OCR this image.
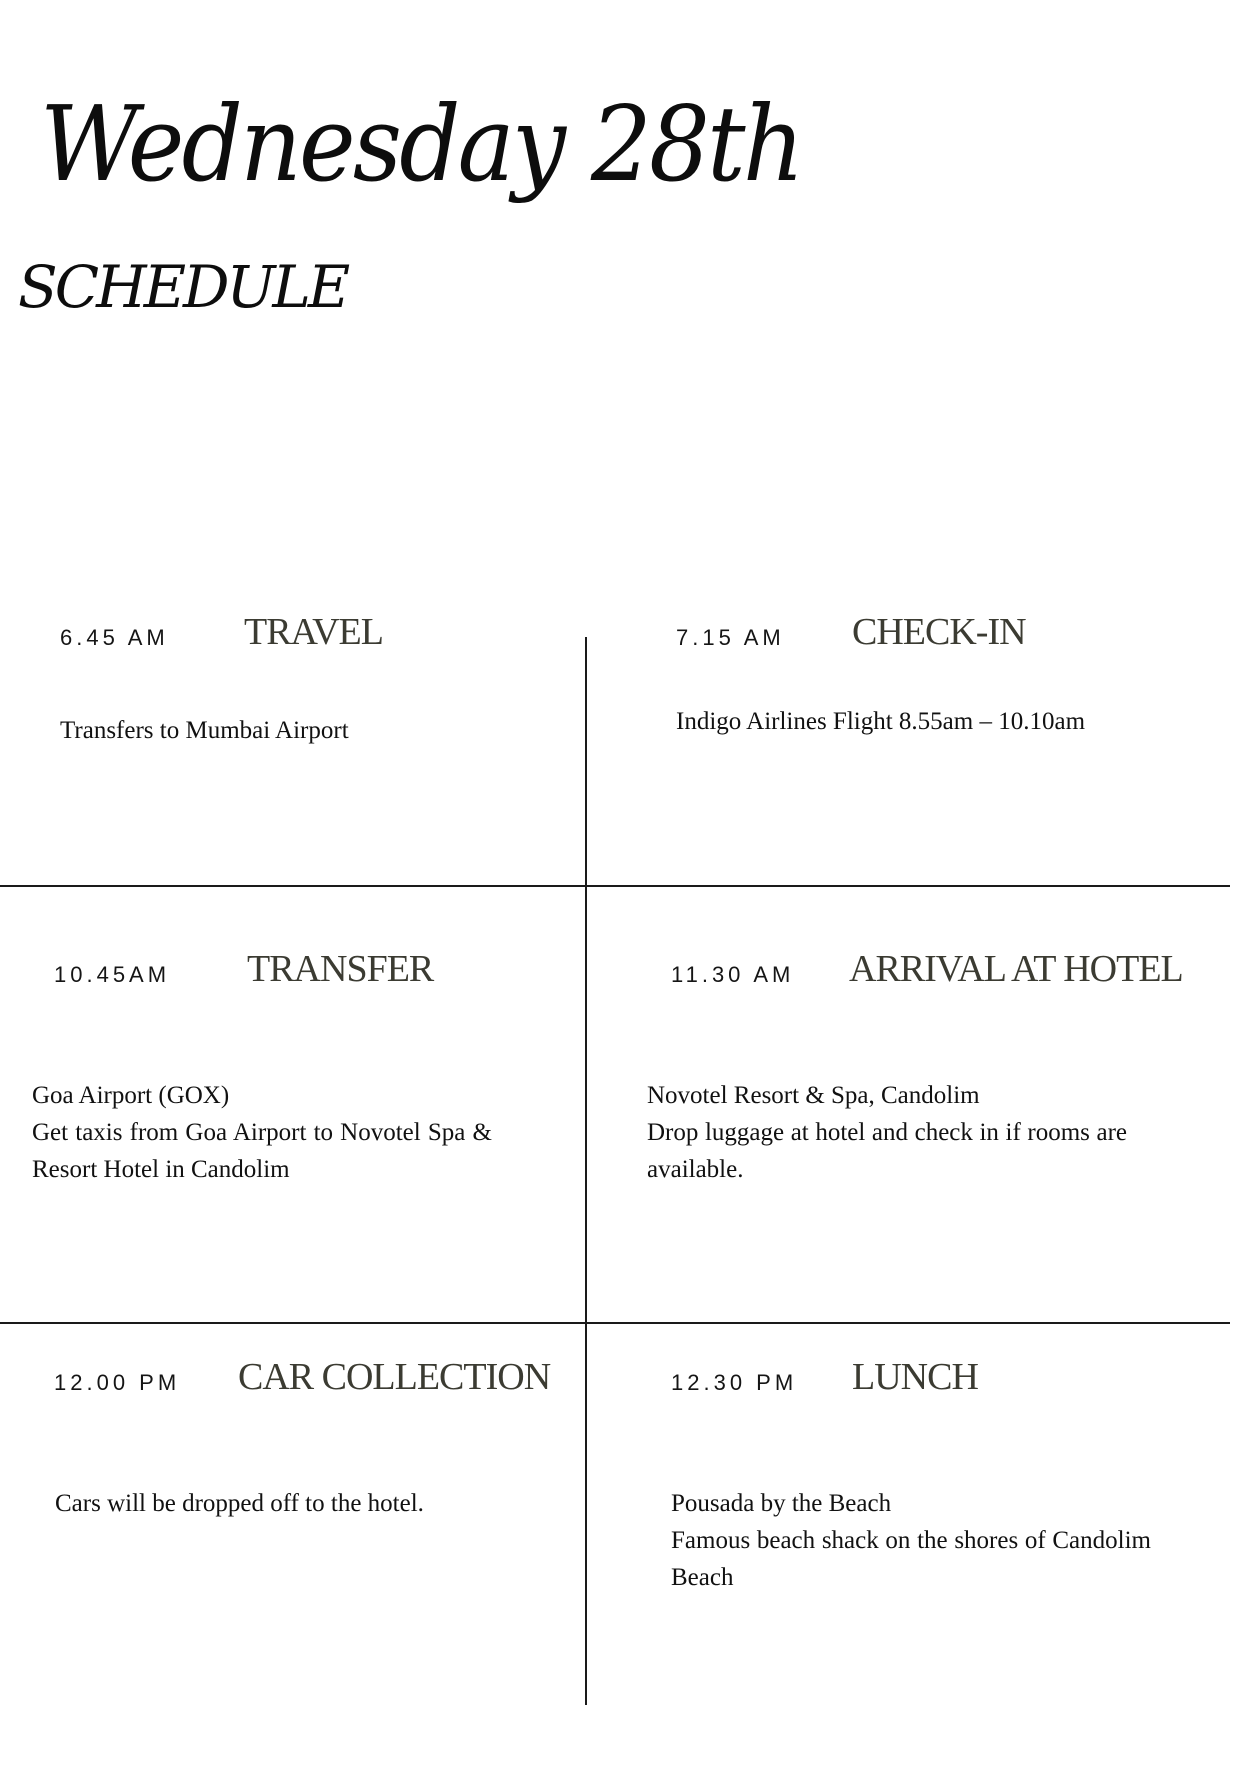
Wednesday 28th
SCHEDULE
6.45 AM TRAVEL
Transfers to Mumbai Airport
7.15 AM CHECK-IN
Indigo Airlines Flight 8.55am – 10.10am
10.45AM TRANSFER
Goa Airport (GOX)
Get taxis from Goa Airport to Novotel Spa & Resort Hotel in Candolim
11.30 AM ARRIVAL AT HOTEL
Novotel Resort & Spa, Candolim
Drop luggage at hotel and check in if rooms are available.
12.00 PM CAR COLLECTION
Cars will be dropped off to the hotel.
12.30 PM LUNCH
Pousada by the Beach
Famous beach shack on the shores of Candolim Beach
